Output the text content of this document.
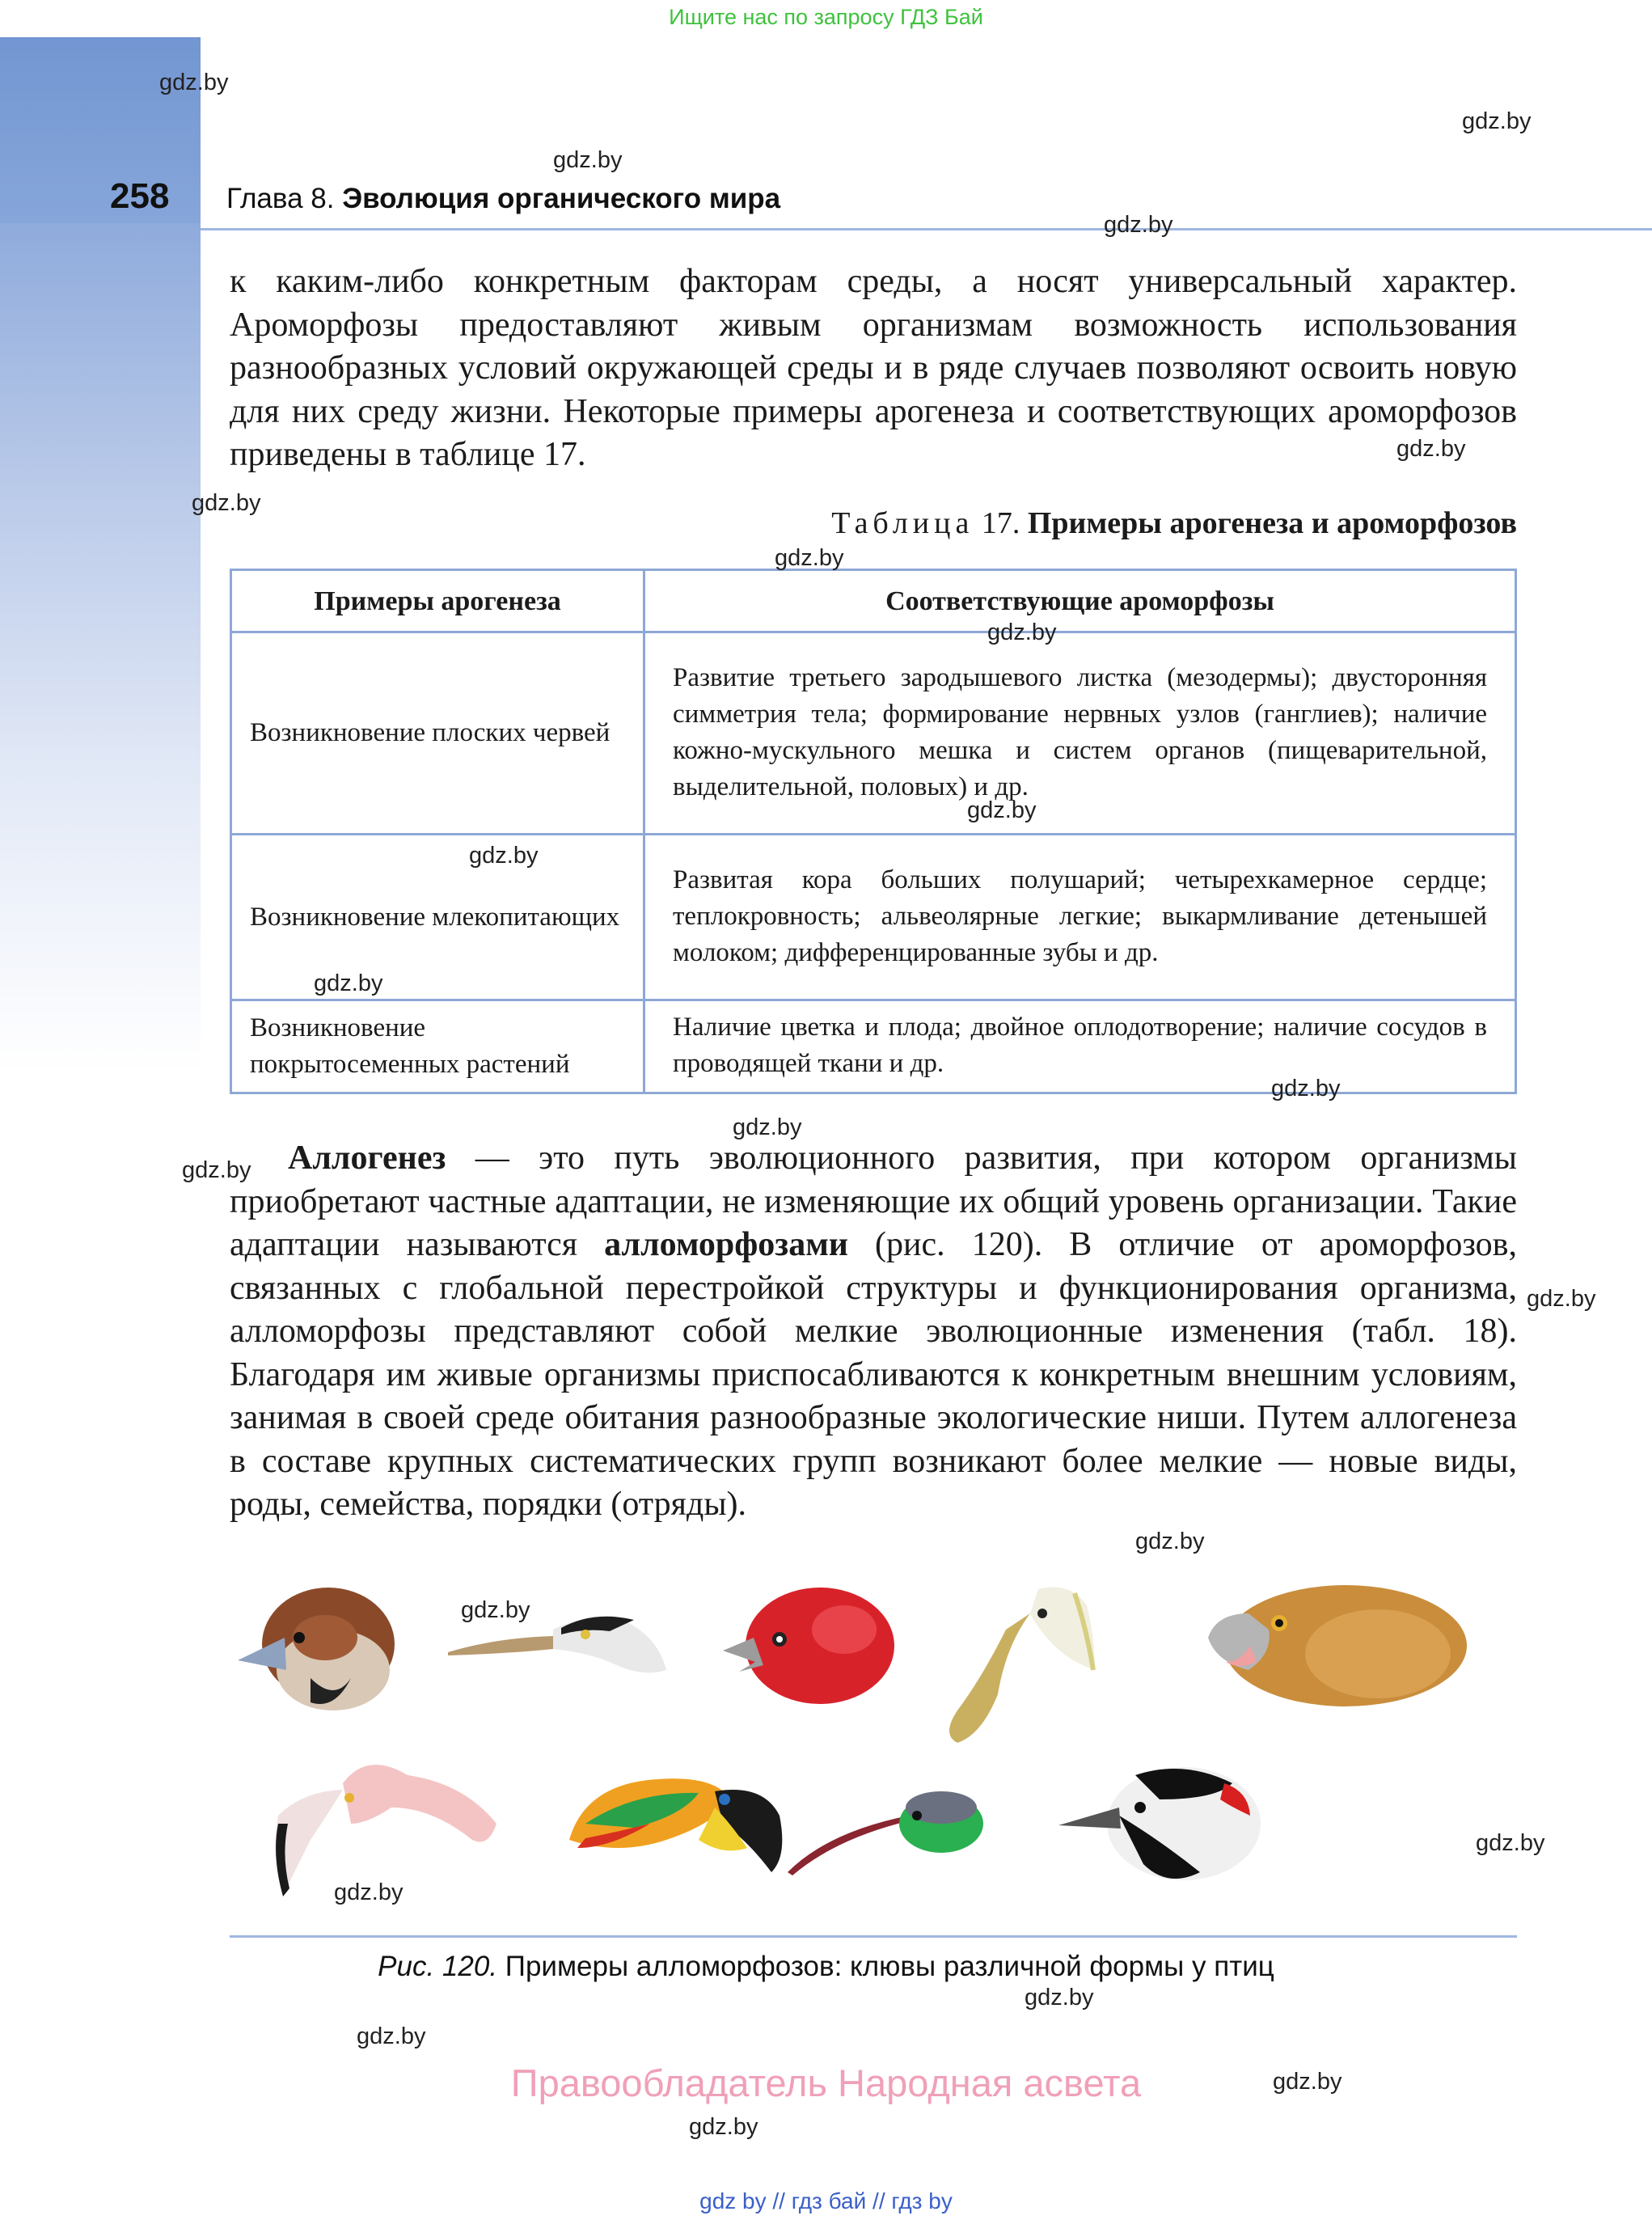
Ищите нас по запросу ГДЗ Бай
258 Глава 8. Эволюция органического мира
к каким-либо конкретным факторам среды, а носят универсальный характер. Ароморфозы предоставляют живым организмам возможность использования разнообразных условий окружающей среды и в ряде случаев позволяют освоить новую для них среду жизни. Некоторые примеры арогенеза и соответствующих ароморфозов приведены в таблице 17.
Таблица 17. Примеры арогенеза и ароморфозов
Примеры арогенеза	Соответствующие ароморфозы
Возникновение плоских червей	Развитие третьего зародышевого листка (мезодермы); двусторонняя симметрия тела; формирование нервных узлов (ганглиев); наличие кожно-мускульного мешка и систем органов (пищеварительной, выделительной, половых) и др.
Возникновение млекопитающих	Развитая кора больших полушарий; четырехкамерное сердце; теплокровность; альвеолярные легкие; выкармливание детенышей молоком; дифференцированные зубы и др.
Возникновение покрытосеменных растений	Наличие цветка и плода; двойное оплодотворение; наличие сосудов в проводящей ткани и др.
Аллогенез — это путь эволюционного развития, при котором организмы приобретают частные адаптации, не изменяющие их общий уровень организации. Такие адаптации называются алломорфозами (рис. 120). В отличие от ароморфозов, связанных с глобальной перестройкой структуры и функционирования организма, алломорфозы представляют собой мелкие эволюционные изменения (табл. 18). Благодаря им живые организмы приспосабливаются к конкретным внешним условиям, занимая в своей среде обитания разнообразные экологические ниши. Путем аллогенеза в составе крупных систематических групп возникают более мелкие — новые виды, роды, семейства, порядки (отряды).
Рис. 120. Примеры алломорфозов: клювы различной формы у птиц
Правообладатель Народная асвета
gdz by // гдз бай // гдз by
gdz.by
gdz.by
gdz.by
gdz.by
gdz.by
gdz.by
gdz.by
gdz.by
gdz.by
gdz.by
gdz.by
gdz.by
gdz.by
gdz.by
gdz.by
gdz.by
gdz.by
gdz.by
gdz.by
gdz.by
gdz.by
gdz.by
gdz.by
